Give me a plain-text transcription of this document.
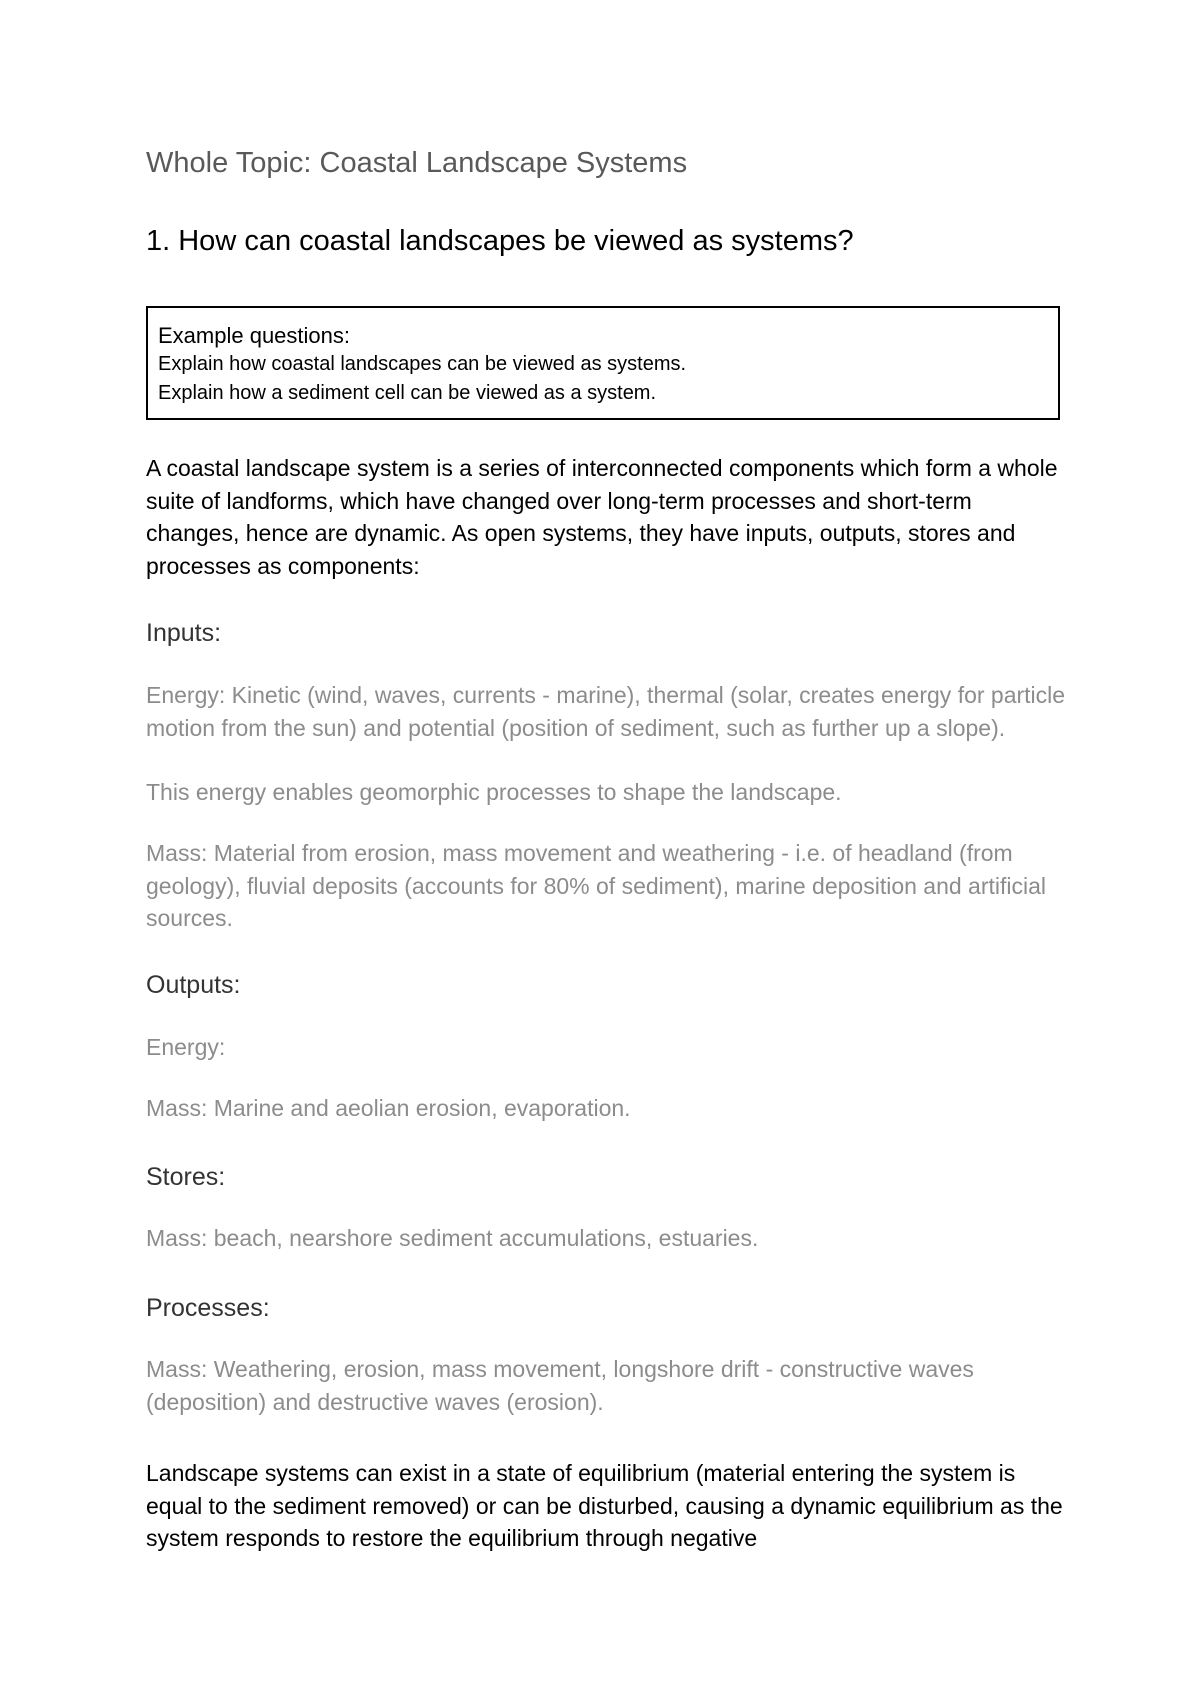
Whole Topic: Coastal Landscape Systems
1. How can coastal landscapes be viewed as systems?
Example questions:
Explain how coastal landscapes can be viewed as systems.
Explain how a sediment cell can be viewed as a system.

A coastal landscape system is a series of interconnected components which form a whole suite of landforms, which have changed over long-term processes and short-term changes, hence are dynamic. As open systems, they have inputs, outputs, stores and processes as components:

Inputs:

Energy: Kinetic (wind, waves, currents - marine), thermal (solar, creates energy for particle motion from the sun) and potential (position of sediment, such as further up a slope).

This energy enables geomorphic processes to shape the landscape.

Mass: Material from erosion, mass movement and weathering - i.e. of headland (from geology), fluvial deposits (accounts for 80% of sediment), marine deposition and artificial sources.

Outputs:

Energy:

Mass: Marine and aeolian erosion, evaporation.

Stores:

Mass: beach, nearshore sediment accumulations, estuaries.

Processes:

Mass: Weathering, erosion, mass movement, longshore drift - constructive waves (deposition) and destructive waves (erosion).

Landscape systems can exist in a state of equilibrium (material entering the system is equal to the sediment removed) or can be disturbed, causing a dynamic equilibrium as the system responds to restore the equilibrium through negative
